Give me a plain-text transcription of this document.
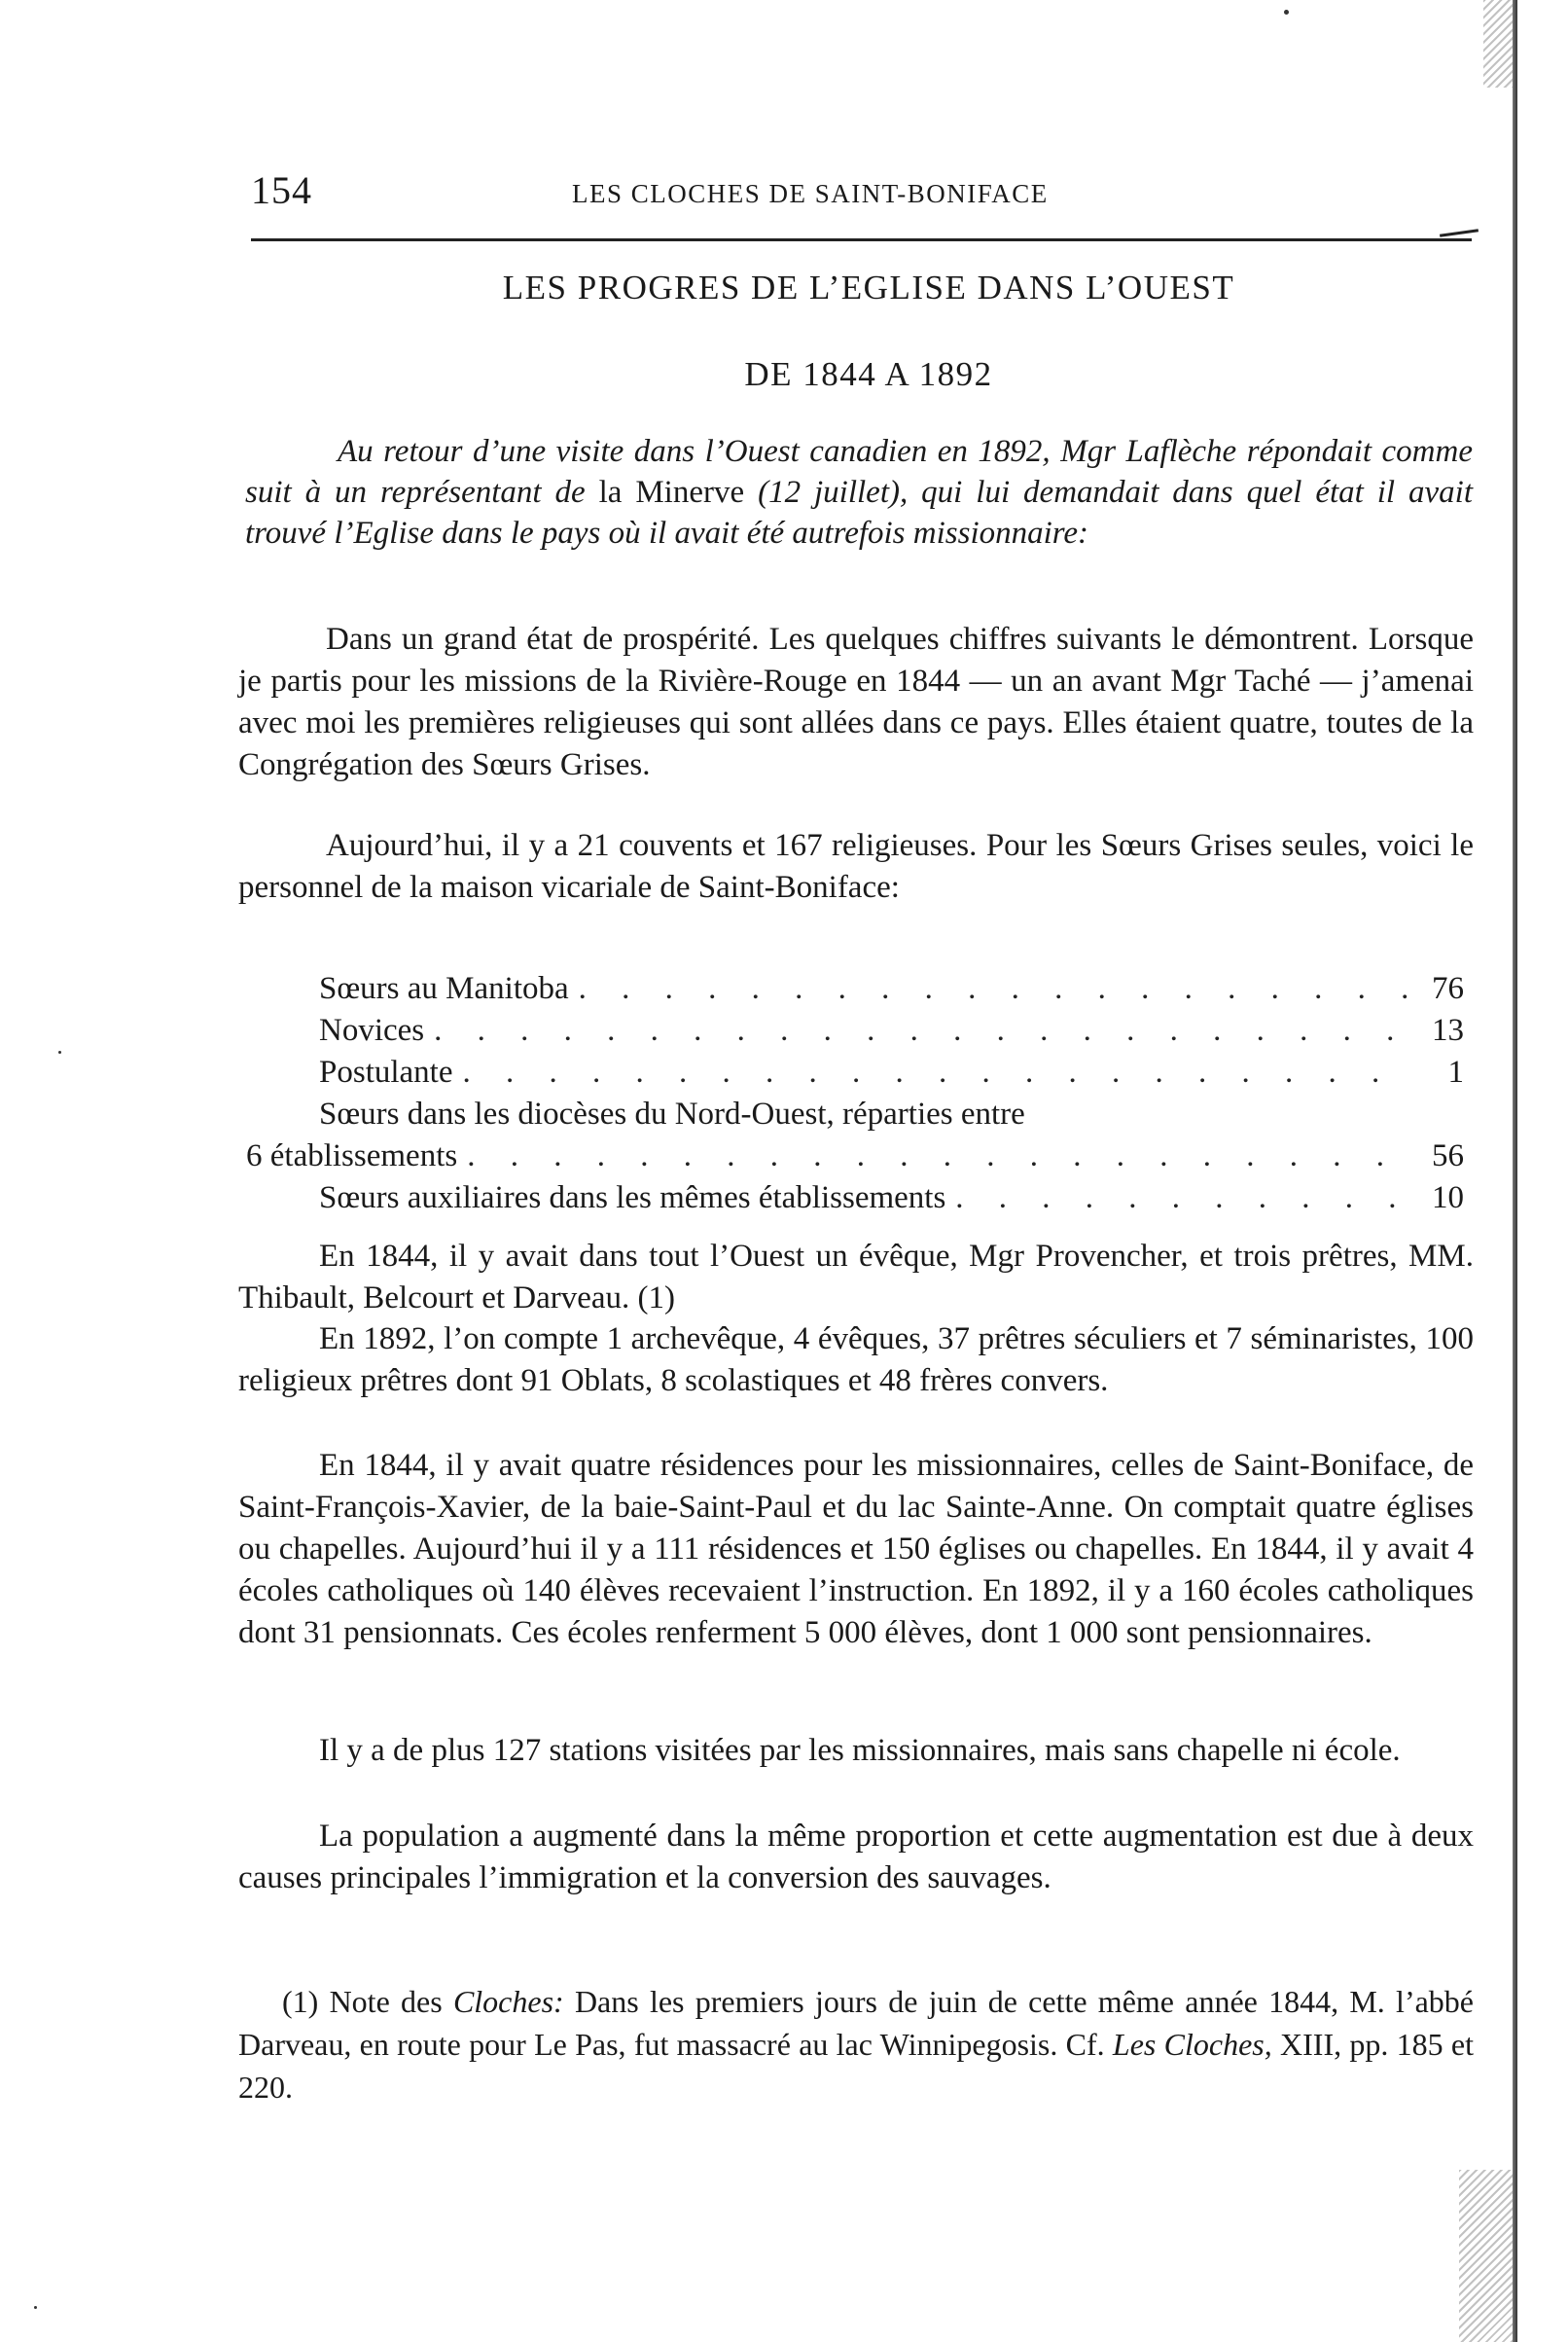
154	LES CLOCHES DE SAINT-BONIFACE
LES PROGRES DE L’EGLISE DANS L’OUEST
DE 1844 A 1892
Au retour d’une visite dans l’Ouest canadien en 1892, Mgr Laflèche répondait comme suit à un représentant de la Minerve (12 juillet), qui lui demandait dans quel état il avait trouvé l’Eglise dans le pays où il avait été autrefois missionnaire:
Dans un grand état de prospérité. Les quelques chiffres suivants le démontrent. Lorsque je partis pour les missions de la Rivière-Rouge en 1844 — un an avant Mgr Taché — j’amenai avec moi les premières religieuses qui sont allées dans ce pays. Elles étaient quatre, toutes de la Congrégation des Sœurs Grises.
Aujourd’hui, il y a 21 couvents et 167 religieuses. Pour les Sœurs Grises seules, voici le personnel de la maison vicariale de Saint-Boniface:
Sœurs au Manitoba . . .	76
Novices . . .	13
Postulante . . .	1
Sœurs dans les diocèses du Nord-Ouest, réparties entre
6 établissements . . .	56
Sœurs auxiliaires dans les mêmes établissements . . .	10
En 1844, il y avait dans tout l’Ouest un évêque, Mgr Provencher, et trois prêtres, MM. Thibault, Belcourt et Darveau. (1)
En 1892, l’on compte 1 archevêque, 4 évêques, 37 prêtres séculiers et 7 séminaristes, 100 religieux prêtres dont 91 Oblats, 8 scolastiques et 48 frères convers.
En 1844, il y avait quatre résidences pour les missionnaires, celles de Saint-Boniface, de Saint-François-Xavier, de la baie-Saint-Paul et du lac Sainte-Anne. On comptait quatre églises ou chapelles. Aujourd’hui il y a 111 résidences et 150 églises ou chapelles. En 1844, il y avait 4 écoles catholiques où 140 élèves recevaient l’instruction. En 1892, il y a 160 écoles catholiques dont 31 pensionnats. Ces écoles renferment 5 000 élèves, dont 1 000 sont pensionnaires.
Il y a de plus 127 stations visitées par les missionnaires, mais sans chapelle ni école.
La population a augmenté dans la même proportion et cette augmentation est due à deux causes principales l’immigration et la conversion des sauvages.
(1) Note des Cloches: Dans les premiers jours de juin de cette même année 1844, M. l’abbé Darveau, en route pour Le Pas, fut massacré au lac Winnipegosis. Cf. Les Cloches, XIII, pp. 185 et 220.
